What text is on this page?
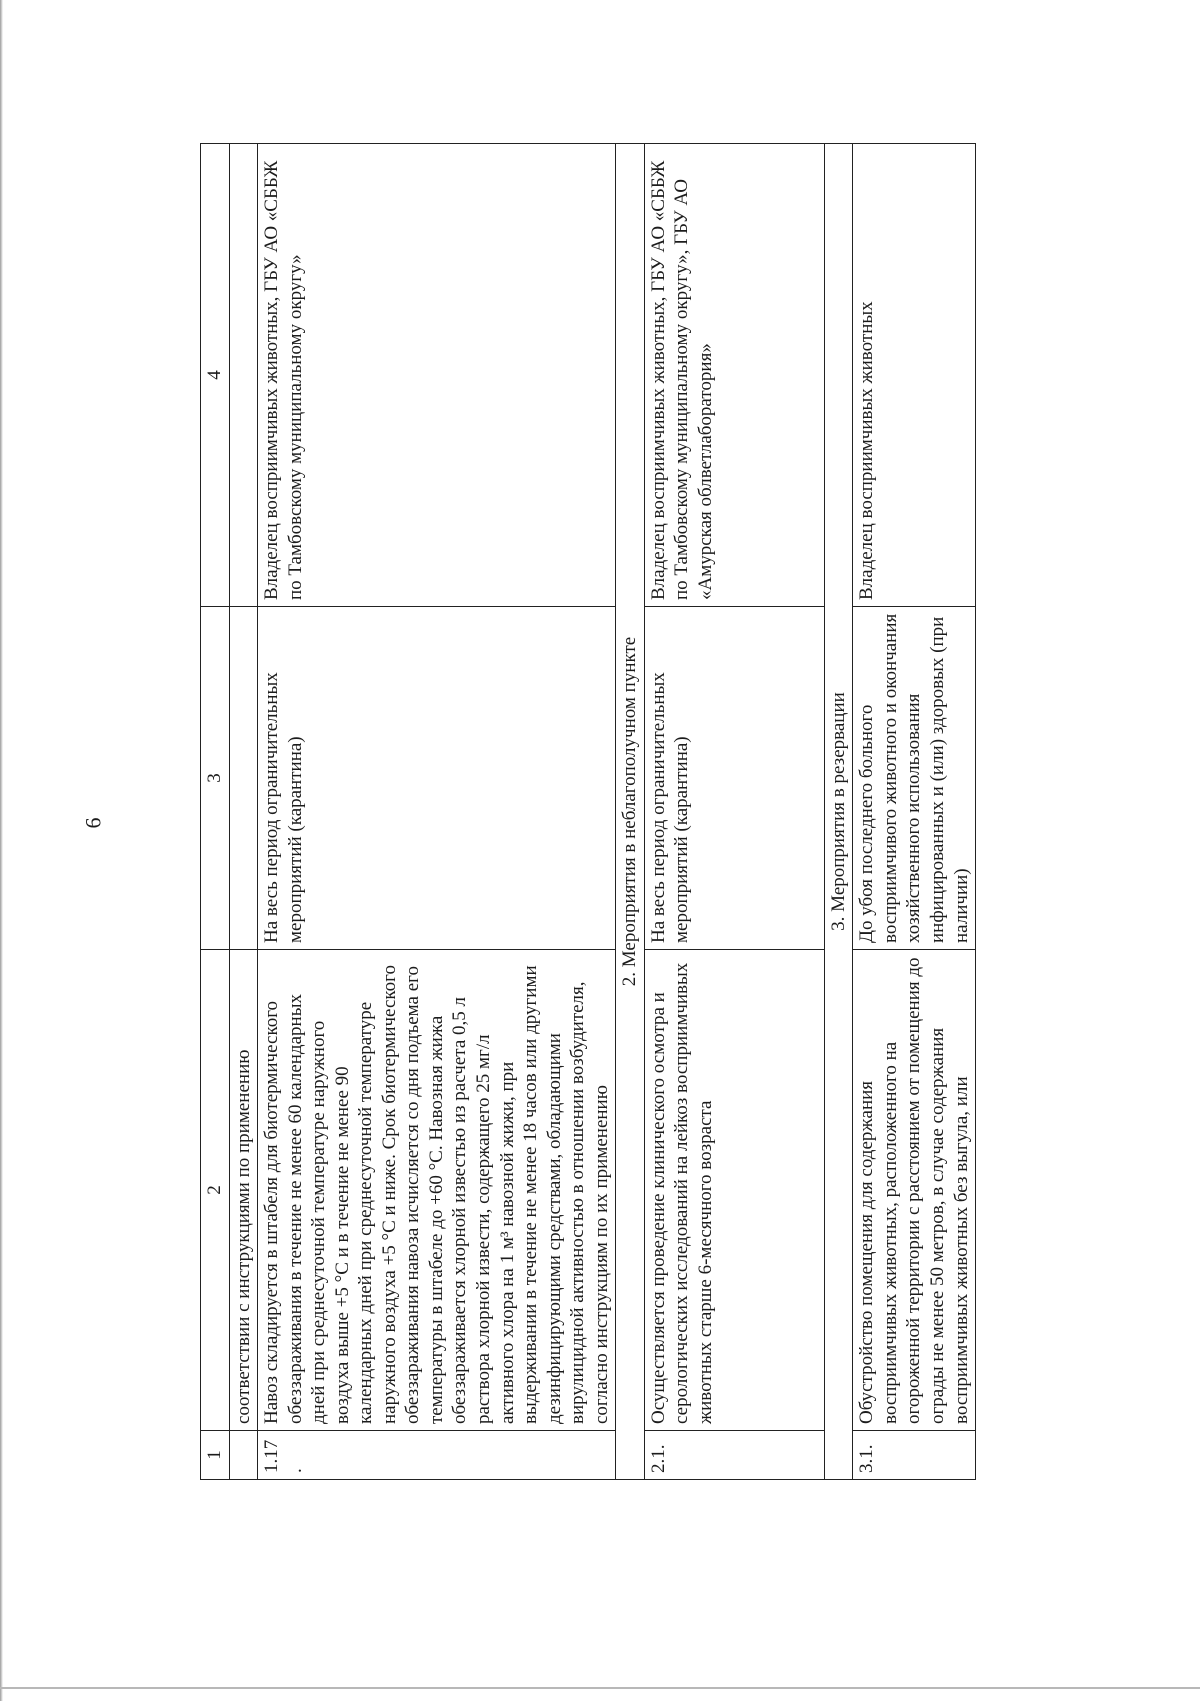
6
1	2	3	4
	соответствии с инструкциями по применению		
1.17.	Навоз складируется в штабеля для биотермического обеззараживания в течение не менее 60 календарных дней при среднесуточной температуре наружного воздуха выше +5 °С и в течение не менее 90 календарных дней при среднесуточной температуре наружного воздуха +5 °С и ниже. Срок биотермического обеззараживания навоза исчисляется со дня подъема его температуры в штабеле до +60 °С. Навозная жижа обеззараживается хлорной известью из расчета 0,5 л раствора хлорной извести, содержащего 25 мг/л активного хлора на 1 м³ навозной жижи, при выдерживании в течение не менее 18 часов или другими дезинфицирующими средствами, обладающими вирулицидной активностью в отношении возбудителя, согласно инструкциям по их применению	На весь период ограничительных мероприятий (карантина)	Владелец восприимчивых животных, ГБУ АО «СББЖ по Тамбовскому муниципальному округу»
2. Мероприятия в неблагополучном пункте			
2.1.	Осуществляется проведение клинического осмотра и серологических исследований на лейкоз восприимчивых животных старше 6-месячного возраста	На весь период ограничительных мероприятий (карантина)	Владелец восприимчивых животных, ГБУ АО «СББЖ по Тамбовскому муниципальному округу», ГБУ АО «Амурская облветлаборатория»
3. Мероприятия в резервации			
3.1.	Обустройство помещения для содержания восприимчивых животных, расположенного на огороженной территории с расстоянием от помещения до ограды не менее 50 метров, в случае содержания восприимчивых животных без выгула, или	До убоя последнего больного восприимчивого животного и окончания хозяйственного использования инфицированных и (или) здоровых (при наличии)	Владелец восприимчивых животных
